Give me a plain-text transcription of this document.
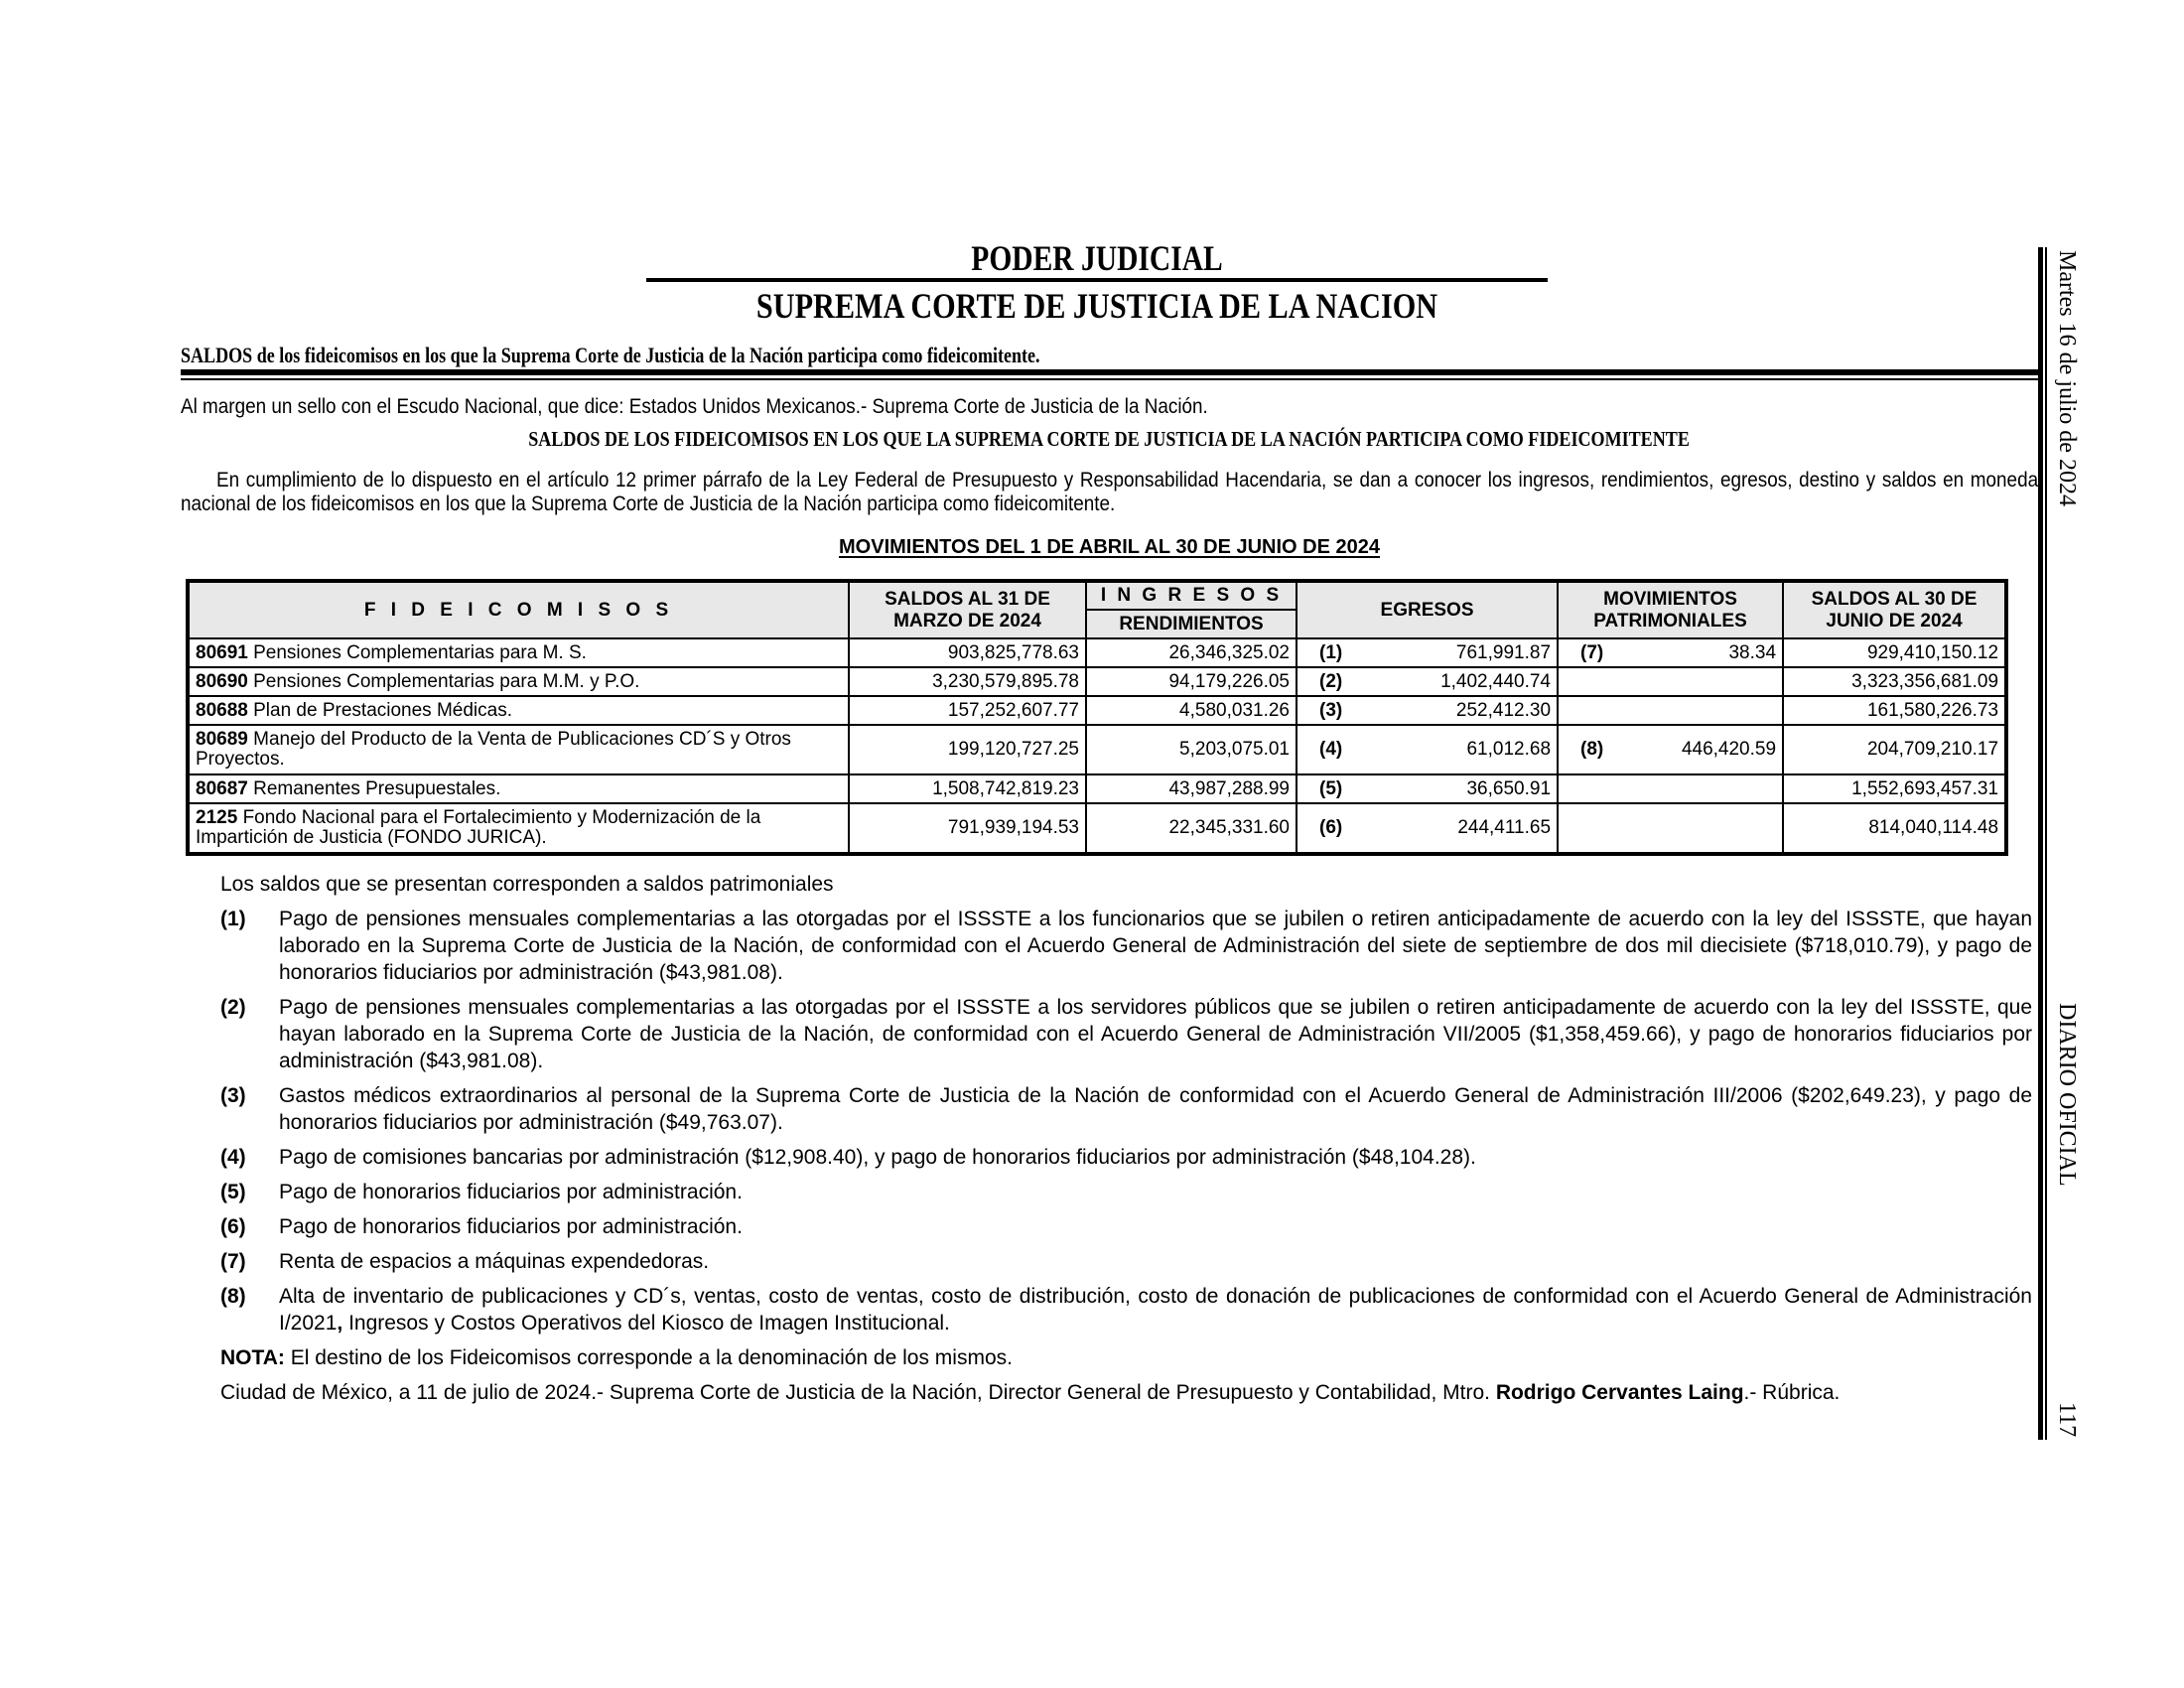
PODER JUDICIAL
SUPREMA CORTE DE JUSTICIA DE LA NACION
SALDOS de los fideicomisos en los que la Suprema Corte de Justicia de la Nación participa como fideicomitente.
Al margen un sello con el Escudo Nacional, que dice: Estados Unidos Mexicanos.- Suprema Corte de Justicia de la Nación.
SALDOS DE LOS FIDEICOMISOS EN LOS QUE LA SUPREMA CORTE DE JUSTICIA DE LA NACIÓN PARTICIPA COMO FIDEICOMITENTE
En cumplimiento de lo dispuesto en el artículo 12 primer párrafo de la Ley Federal de Presupuesto y Responsabilidad Hacendaria, se dan a conocer los ingresos, rendimientos, egresos, destino y saldos en moneda nacional de los fideicomisos en los que la Suprema Corte de Justicia de la Nación participa como fideicomitente.
MOVIMIENTOS DEL 1 DE ABRIL AL 30 DE JUNIO DE 2024
F I D E I C O M I S O S	SALDOS AL 31 DE MARZO DE 2024	I N G R E S O S	EGRESOS		MOVIMIENTOS PATRIMONIALES		SALDOS AL 30 DE JUNIO DE 2024
		RENDIMIENTOS					
80691 Pensiones Complementarias para M. S.	903,825,778.63	26,346,325.02	(1)	761,991.87	(7)	38.34	929,410,150.12
80690 Pensiones Complementarias para M.M. y P.O.	3,230,579,895.78	94,179,226.05	(2)	1,402,440.74			3,323,356,681.09
80688 Plan de Prestaciones Médicas.	157,252,607.77	4,580,031.26	(3)	252,412.30			161,580,226.73
80689 Manejo del Producto de la Venta de Publicaciones CD´S y Otros Proyectos.	199,120,727.25	5,203,075.01	(4)	61,012.68	(8)	446,420.59	204,709,210.17
80687 Remanentes Presupuestales.	1,508,742,819.23	43,987,288.99	(5)	36,650.91			1,552,693,457.31
2125 Fondo Nacional para el Fortalecimiento y Modernización de la Impartición de Justicia (FONDO JURICA).	791,939,194.53	22,345,331.60	(6)	244,411.65			814,040,114.48
Los saldos que se presentan corresponden a saldos patrimoniales
(1)	Pago de pensiones mensuales complementarias a las otorgadas por el ISSSTE a los funcionarios que se jubilen o retiren anticipadamente de acuerdo con la ley del ISSSTE, que hayan laborado en la Suprema Corte de Justicia de la Nación, de conformidad con el Acuerdo General de Administración del siete de septiembre de dos mil diecisiete ($718,010.79), y pago de honorarios fiduciarios por administración ($43,981.08).
(2)	Pago de pensiones mensuales complementarias a las otorgadas por el ISSSTE a los servidores públicos que se jubilen o retiren anticipadamente de acuerdo con la ley del ISSSTE, que hayan laborado en la Suprema Corte de Justicia de la Nación, de conformidad con el Acuerdo General de Administración VII/2005 ($1,358,459.66), y pago de honorarios fiduciarios por administración ($43,981.08).
(3)	Gastos médicos extraordinarios al personal de la Suprema Corte de Justicia de la Nación de conformidad con el Acuerdo General de Administración III/2006 ($202,649.23), y pago de honorarios fiduciarios por administración ($49,763.07).
(4)	Pago de comisiones bancarias por administración ($12,908.40), y pago de honorarios fiduciarios por administración ($48,104.28).
(5)	Pago de honorarios fiduciarios por administración.
(6)	Pago de honorarios fiduciarios por administración.
(7)	Renta de espacios a máquinas expendedoras.
(8)	Alta de inventario de publicaciones y CD´s, ventas, costo de ventas, costo de distribución, costo de donación de publicaciones de conformidad con el Acuerdo General de Administración I/2021, Ingresos y Costos Operativos del Kiosco de Imagen Institucional.
NOTA: El destino de los Fideicomisos corresponde a la denominación de los mismos.
Ciudad de México, a 11 de julio de 2024.- Suprema Corte de Justicia de la Nación, Director General de Presupuesto y Contabilidad, Mtro. Rodrigo Cervantes Laing.- Rúbrica.
Martes 16 de julio de 2024
DIARIO OFICIAL
117
